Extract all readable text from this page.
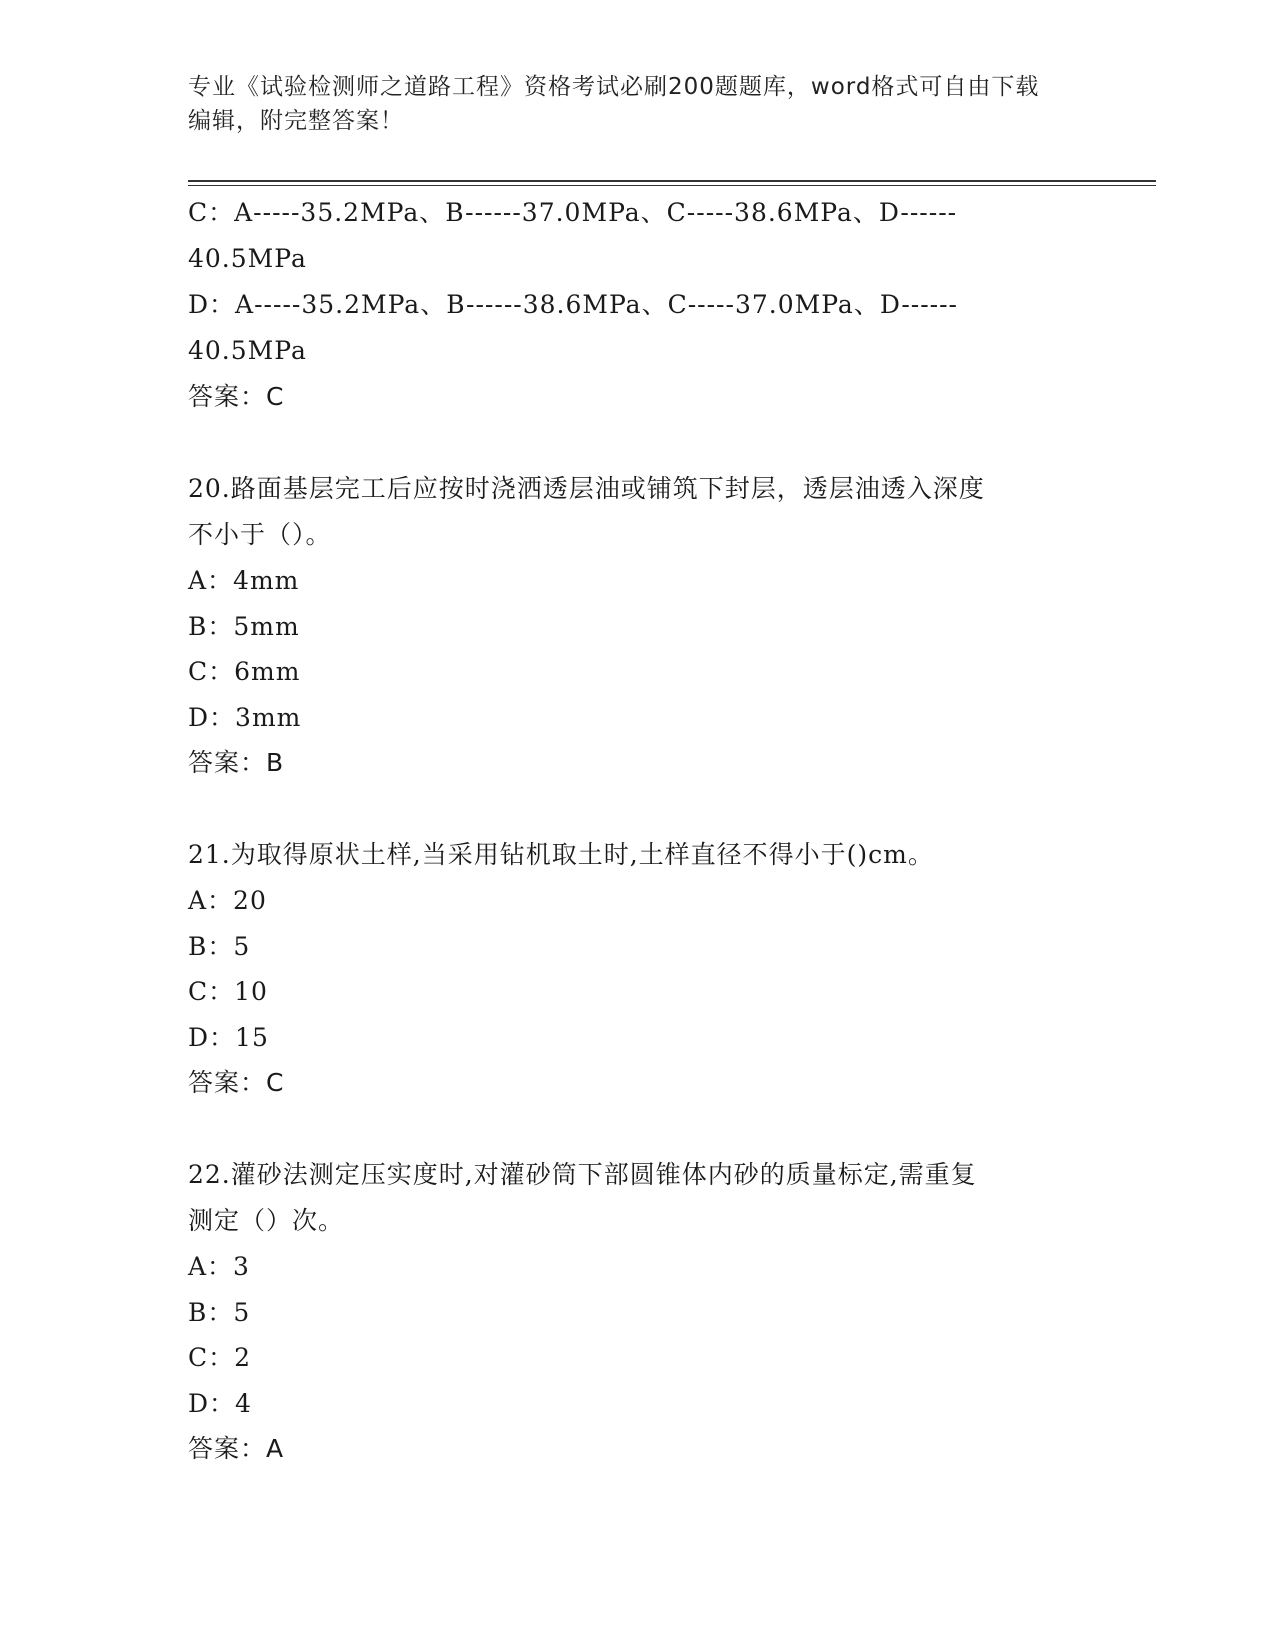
专业《试验检测师之道路工程》资格考试必刷200题题库，word格式可自由下载
编辑，附完整答案！
C：A-----35.2MPa、B------37.0MPa、C-----38.6MPa、D------
40.5MPa
D：A-----35.2MPa、B------38.6MPa、C-----37.0MPa、D------
40.5MPa
答案：C
20.路面基层完工后应按时浇洒透层油或铺筑下封层，透层油透入深度
不小于（）。
A：4mm
B：5mm
C：6mm
D：3mm
答案：B
21.为取得原状土样,当采用钻机取土时,土样直径不得小于()cm。
A：20
B：5
C：10
D：15
答案：C
22.灌砂法测定压实度时,对灌砂筒下部圆锥体内砂的质量标定,需重复
测定（）次。
A：3
B：5
C：2
D：4
答案：A
